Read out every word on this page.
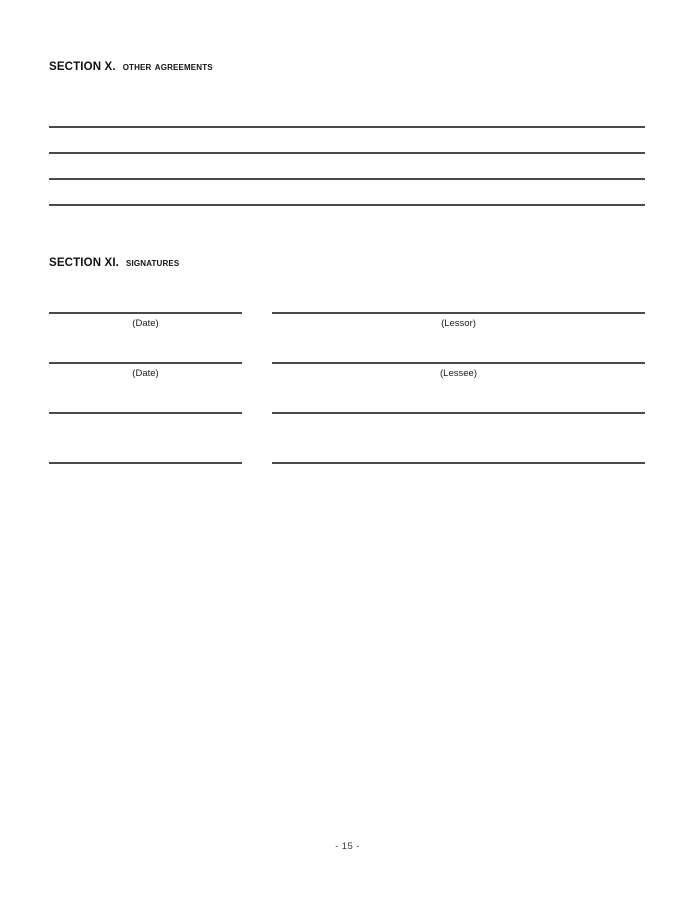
SECTION X. other agreements
SECTION XI. signatures
(Date)	(Lessor)
(Date)	(Lessee)
- 15 -
